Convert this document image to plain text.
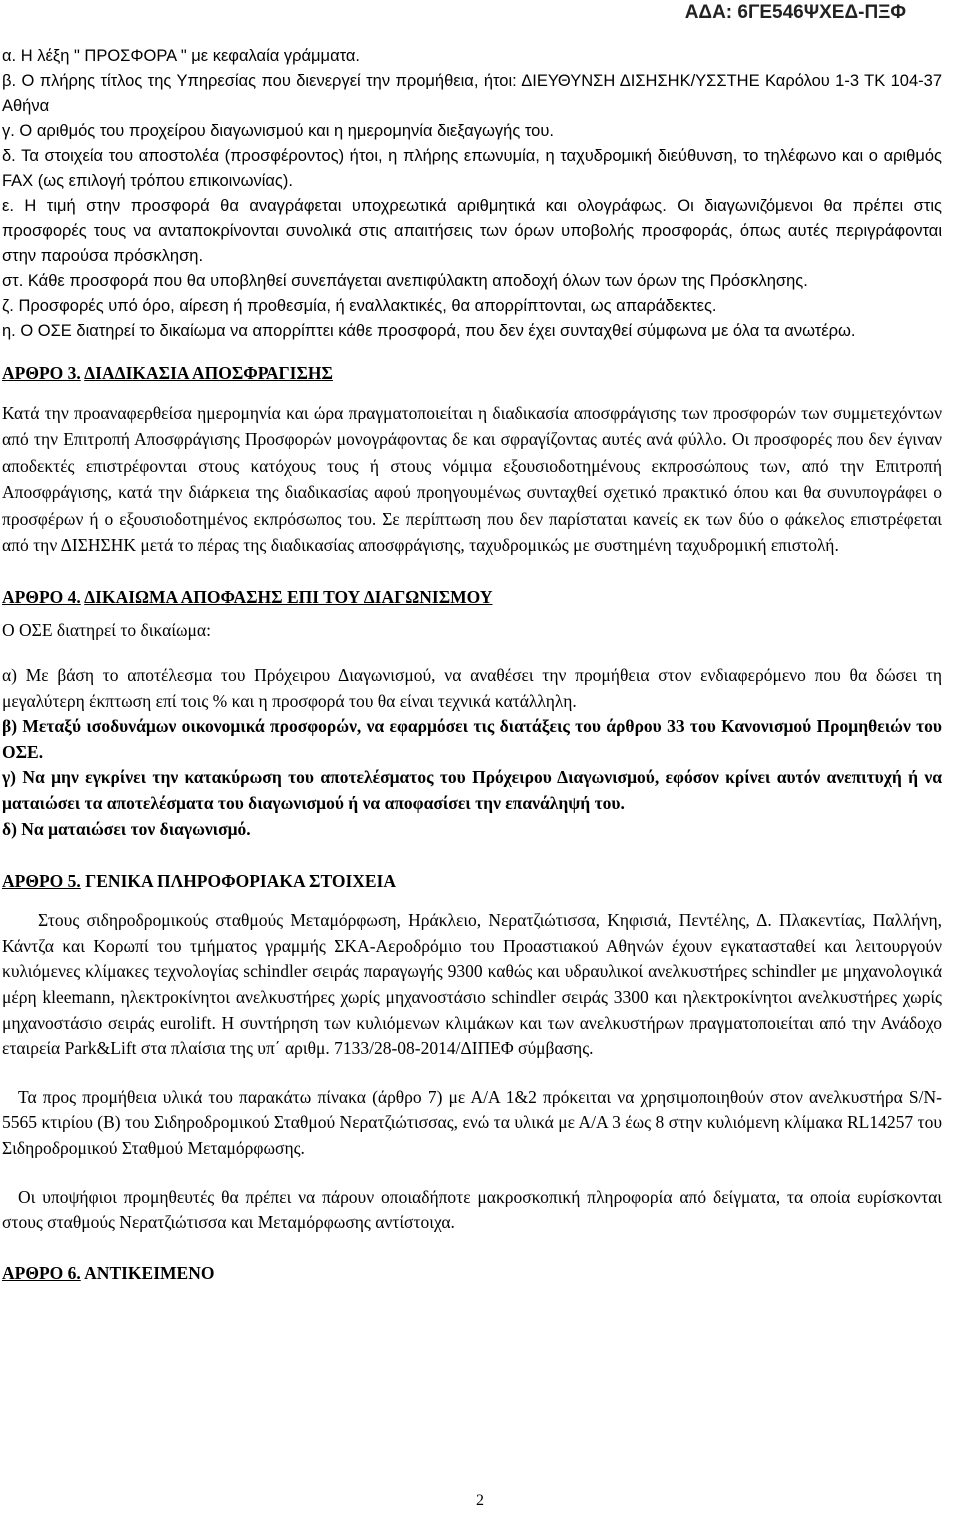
ΑΔΑ: 6ΓΕ546ΨΧΕΔ-ΠΞΦ

α. Η λέξη " ΠΡΟΣΦΟΡΑ " με κεφαλαία γράμματα.

β. Ο πλήρης τίτλος της Υπηρεσίας που διενεργεί την προμήθεια, ήτοι: ΔΙΕΥΘΥΝΣΗ ΔΙΣΗΣΗΚ/ΥΣΣΤΗΕ Καρόλου 1-3 ΤΚ 104-37 Αθήνα

γ. Ο αριθμός του προχείρου διαγωνισμού και η ημερομηνία διεξαγωγής του.

δ. Τα στοιχεία του αποστολέα (προσφέροντος) ήτοι, η πλήρης επωνυμία, η ταχυδρομική διεύθυνση, το τηλέφωνο και ο αριθμός FAX (ως επιλογή τρόπου επικοινωνίας).

ε. Η τιμή στην προσφορά θα αναγράφεται υποχρεωτικά αριθμητικά και ολογράφως. Οι διαγωνιζόμενοι θα πρέπει στις προσφορές τους να ανταποκρίνονται συνολικά στις απαιτήσεις των όρων υποβολής προσφοράς, όπως αυτές περιγράφονται στην παρούσα πρόσκληση.

στ. Κάθε προσφορά που θα υποβληθεί συνεπάγεται ανεπιφύλακτη αποδοχή όλων των όρων της Πρόσκλησης.

ζ. Προσφορές υπό όρο, αίρεση ή προθεσμία, ή εναλλακτικές, θα απορρίπτονται, ως απαράδεκτες.

η. Ο ΟΣΕ διατηρεί το δικαίωμα να απορρίπτει κάθε προσφορά, που δεν έχει συνταχθεί σύμφωνα με όλα τα ανωτέρω.

ΑΡΘΡΟ 3. ΔΙΑΔΙΚΑΣΙΑ ΑΠΟΣΦΡΑΓΙΣΗΣ

Κατά την προαναφερθείσα ημερομηνία και ώρα πραγματοποιείται η διαδικασία αποσφράγισης των προσφορών των συμμετεχόντων από την Επιτροπή Αποσφράγισης Προσφορών μονογράφοντας δε και σφραγίζοντας αυτές ανά φύλλο. Οι προσφορές που δεν έγιναν αποδεκτές επιστρέφονται στους κατόχους τους ή στους νόμιμα εξουσιοδοτημένους εκπροσώπους των, από την Επιτροπή Αποσφράγισης, κατά την διάρκεια της διαδικασίας αφού προηγουμένως συνταχθεί σχετικό πρακτικό όπου και θα συνυπογράφει ο προσφέρων ή ο εξουσιοδοτημένος εκπρόσωπος του. Σε περίπτωση που δεν παρίσταται κανείς εκ των δύο ο φάκελος επιστρέφεται από την ΔΙΣΗΣΗΚ μετά το πέρας της διαδικασίας αποσφράγισης, ταχυδρομικώς με συστημένη ταχυδρομική επιστολή.

ΑΡΘΡΟ 4. ΔΙΚΑΙΩΜΑ ΑΠΟΦΑΣΗΣ ΕΠΙ ΤΟΥ ΔΙΑΓΩΝΙΣΜΟΥ

Ο ΟΣΕ διατηρεί το δικαίωμα:

α) Με βάση το αποτέλεσμα του Πρόχειρου Διαγωνισμού, να αναθέσει την προμήθεια στον ενδιαφερόμενο που θα δώσει τη μεγαλύτερη έκπτωση επί τοις % και η προσφορά του θα είναι τεχνικά κατάλληλη.

β) Μεταξύ ισοδυνάμων οικονομικά προσφορών, να εφαρμόσει τις διατάξεις του άρθρου 33 του Κανονισμού Προμηθειών του ΟΣΕ.

γ) Να μην εγκρίνει την κατακύρωση του αποτελέσματος του Πρόχειρου Διαγωνισμού, εφόσον κρίνει αυτόν ανεπιτυχή ή να ματαιώσει τα αποτελέσματα του διαγωνισμού ή να αποφασίσει την επανάληψή του.

δ) Να ματαιώσει τον διαγωνισμό.

ΑΡΘΡΟ 5. ΓΕΝΙΚΑ ΠΛΗΡΟΦΟΡΙΑΚΑ ΣΤΟΙΧΕΙΑ

Στους σιδηροδρομικούς σταθμούς Μεταμόρφωση, Ηράκλειο, Νερατζιώτισσα, Κηφισιά, Πεντέλης, Δ. Πλακεντίας, Παλλήνη, Κάντζα και Κορωπί του τμήματος γραμμής ΣΚΑ-Αεροδρόμιο του Προαστιακού Αθηνών έχουν εγκατασταθεί και λειτουργούν κυλιόμενες κλίμακες τεχνολογίας schindler σειράς παραγωγής 9300 καθώς και υδραυλικοί ανελκυστήρες schindler με μηχανολογικά μέρη kleemann, ηλεκτροκίνητοι ανελκυστήρες χωρίς μηχανοστάσιο schindler σειράς 3300 και ηλεκτροκίνητοι ανελκυστήρες χωρίς μηχανοστάσιο σειράς eurolift. Η συντήρηση των κυλιόμενων κλιμάκων και των ανελκυστήρων πραγματοποιείται από την Ανάδοχο εταιρεία Park&Lift στα πλαίσια της υπ΄ αριθμ. 7133/28-08-2014/ΔΙΠΕΦ σύμβασης.

Τα προς προμήθεια υλικά του παρακάτω πίνακα (άρθρο 7) με Α/Α 1&2 πρόκειται να χρησιμοποιηθούν στον ανελκυστήρα S/N-5565 κτιρίου (Β) του Σιδηροδρομικού Σταθμού Νερατζιώτισσας, ενώ τα υλικά με Α/Α 3 έως 8 στην κυλιόμενη κλίμακα RL14257 του Σιδηροδρομικού Σταθμού Μεταμόρφωσης.

Οι υποψήφιοι προμηθευτές θα πρέπει να πάρουν οποιαδήποτε μακροσκοπική πληροφορία από δείγματα, τα οποία ευρίσκονται στους σταθμούς Νερατζιώτισσα και Μεταμόρφωσης αντίστοιχα.

ΑΡΘΡΟ 6. ΑΝΤΙΚΕΙΜΕΝΟ
2
